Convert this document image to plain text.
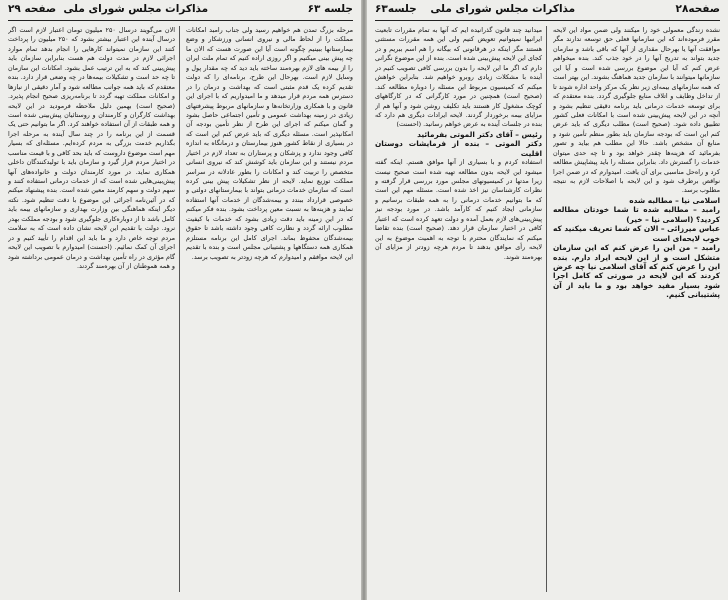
جلسه ۶۳
مذاکرات مجلس شورای ملی
صفحه ۲۹

مرحله بزرگ تمدن هم خواهیم رسید ولی جناب رامبد امکانات مملکت را از لحاظ مالی و نیروی انسانی ورزشکار و وضع بیمارستانها ببینیم چگونه است آیا این صورت هست که الان ما چه پیش بینی میکنیم و اگر روزی اراده کنیم که تمام ملت ایران را از بیمه های لازم بهره‌مند ساخته باید دید که چه مقدار پول و وسایل لازم است. بهرحال این طرح، برنامه‌ای را که دولت تقدیم کرده یک قدم مثبتی است که بهداشت و درمان را در دسترس همه مردم قرار میدهد و ما امیدواریم که با اجرای این قانون و با همکاری وزارتخانه‌ها و سازمانهای مربوط پیشرفتهای زیادی در زمینه بهداشت عمومی و تأمین اجتماعی حاصل بشود و گمان میکنم که اجرای این طرح از نظر تأمین بودجه آن امکانپذیر است. مسئله دیگری که باید عرض کنم این است که در بسیاری از نقاط کشور هنوز بیمارستان و درمانگاه به اندازه کافی وجود ندارد و پزشکان و پرستاران به تعداد لازم در اختیار مردم نیستند و این سازمان باید کوشش کند که نیروی انسانی متخصص را تربیت کند و امکانات را بطور عادلانه در سراسر مملکت توزیع نماید. لایحه از نظر تشکیلات پیش بینی کرده است که سازمان خدمات درمانی بتواند با بیمارستانهای دولتی و خصوصی قرارداد ببندد و بیمه‌شدگان از خدمات آنها استفاده نمایند و هزینه‌ها به نسبت معین پرداخت بشود. بنده فکر میکنم که در این زمینه باید دقت زیادی بشود که خدمات با کیفیت مطلوب ارائه گردد و نظارت کافی وجود داشته باشد تا حقوق بیمه‌شدگان محفوظ بماند. اجرای کامل این برنامه مستلزم همکاری همه دستگاهها و پشتیبانی مجلس است و بنده با تقدیم این لایحه موافقم و امیدوارم که هرچه زودتر به تصویب برسد.

الان می‌گویند درسال ۲۵۰ میلیون تومان اعتبار لازم است اگر درسال آینده این اعتبار بیشتر بشود که ۲۵۰ میلیون را پرداخت کنند این سازمان نمیتواند کارهایی را انجام بدهد تمام موارد اجرائی لازم در مدت دولت هم هست بنابراین سازمان باید پیش‌بینی کند که به این ترتیب عمل بشود. امکانات این سازمان تا چه حد است و تشکیلات بیمه‌ها در چه وضعی قرار دارد. بنده معتقدم که باید همه جوانب مطالعه شود و آمار دقیقی از نیازها و امکانات مملکت تهیه گردد تا برنامه‌ریزی صحیح انجام پذیرد. (صحیح است) بهمین دلیل ملاحظه فرمودید در این لایحه بهداشت کارگران و کارمندان و روستائیان پیش‌بینی شده است و همه طبقات از آن استفاده خواهند کرد. اگر ما بتوانیم حتی یک قسمت از این برنامه را در چند سال آینده به مرحله اجرا بگذاریم خدمت بزرگی به مردم کرده‌ایم. مسئله‌ای که بسیار مهم است موضوع داروست که باید بحد کافی و با قیمت مناسب در اختیار مردم قرار گیرد و سازمان باید با تولیدکنندگان داخلی همکاری نماید. در مورد کارمندان دولت و خانواده‌های آنها پیش‌بینی‌هایی شده است که از خدمات درمانی استفاده کنند و سهم دولت و سهم کارمند معین شده است. بنده پیشنهاد میکنم که در آئین‌نامه اجرائی این موضوع با دقت تنظیم شود. نکته دیگر اینکه هماهنگی بین وزارت بهداری و سازمانهای بیمه باید کامل باشد تا از دوباره‌کاری جلوگیری شود و بودجه مملکت بهدر نرود. دولت با تقدیم این لایحه نشان داده است که به سلامت مردم توجه خاص دارد و ما باید این اقدام را تأیید کنیم و در اجرای آن کمک نمائیم. (احسنت) امیدوارم با تصویب این لایحه گام مؤثری در راه تأمین بهداشت و درمان عمومی برداشته شود و همه هموطنان از آن بهره‌مند گردند.

صفحه۲۸
مذاکرات مجلس شورای ملی
جلسه۶۳

نشده زندگی معمولی خود را میکنند ولی ضمن مواد این لایحه مقرر فرموده‌اند که این سازمانها فعلی حق توسعه ندارند مگر موافقت آنها یا بهرحال مقداری از آنها که باقی باشد و سازمان جدید بتواند به تدریج آنها را در خود جذب کند. بنده میخواهم عرض کنم که آیا این موضوع بررسی شده است و آیا این سازمانها میتوانند با سازمان جدید هماهنگ بشوند. این بهتر است که همه سازمانهای بیمه‌ای زیر نظر یک مرکز واحد اداره شوند تا از تداخل وظایف و اتلاف منابع جلوگیری گردد. بنده معتقدم که برای توسعه خدمات درمانی باید برنامه دقیقی تنظیم بشود و آنچه در این لایحه پیش‌بینی شده است با امکانات فعلی کشور تطبیق داده شود. (صحیح است) مطلب دیگری که باید عرض کنم این است که بودجه سازمان باید بطور منظم تأمین شود و منابع آن مشخص باشد. حالا این مطلب هم بیاید و تصور بفرمائید که هزینه‌ها چقدر خواهد بود و تا چه حدی میتوان خدمات را گسترش داد. بنابراین مسئله را باید پیشاپیش مطالعه کرد و راه‌حل مناسبی برای آن یافت. امیدوارم که در ضمن اجرا نواقص برطرف شود و این لایحه با اصلاحات لازم به نتیجه مطلوب برسد.
اسلامی نیا – مطالبه شده
رامبد – مطالبه شده تا شما خودتان مطالعه کردید؟ (اسلامی نیا – خیر)
عباس میرزائی – الان که شما تعریف میکنید که خوب لایحه‌ای است
رامبد – من این را عرض کنم که این سازمان متشکل است و از این لایحه ایراد دارم. بنده این را عرض کنم که آقای اسلامی نیا چه عرض کردند که این لایحه در صورتی که کامل اجرا شود بسیار مفید خواهد بود و ما باید از آن پشتیبانی کنیم.

میدانید چند قانون گذرانیده ایم که آنها به تمام مقررات تابعیت ایرانیها نمیتوانیم تعویض کنیم ولی این همه مقررات مستثنی هستند مگر اینکه در هرقانونی که بیگانه را هم اسم ببریم و در کجای این لایحه پیش‌بینی شده است. بنده از این موضوع نگرانی دارم که اگر ما این لایحه را بدون بررسی کافی تصویب کنیم در آینده با مشکلات زیادی روبرو خواهیم شد. بنابراین خواهش میکنم که کمیسیون مربوط این مسئله را دوباره مطالعه کند. (صحیح است) همچنین در مورد کارگرانی که در کارگاههای کوچک مشغول کار هستند باید تکلیف روشن شود و آنها هم از مزایای بیمه برخوردار گردند. لایحه ایرادات دیگری هم دارد که بنده در جلسات آینده به عرض خواهم رسانید. (احسنت)
رئیس – آقای دکتر الموتی بفرمائید
دکتر الموتی – بنده از فرمایشات دوستان اقلیت
استفاده کردم و با بسیاری از آنها موافق هستم. اینکه گفته میشود این لایحه بدون مطالعه تهیه شده است صحیح نیست زیرا مدتها در کمیسیونهای مجلس مورد بررسی قرار گرفته و نظرات کارشناسان نیز اخذ شده است. مسئله مهم این است که ما بتوانیم خدمات درمانی را به همه طبقات برسانیم و سازمانی ایجاد کنیم که کارآمد باشد. در مورد بودجه نیز پیش‌بینی‌های لازم بعمل آمده و دولت تعهد کرده است که اعتبار کافی در اختیار سازمان قرار دهد. (صحیح است) بنده تقاضا میکنم که نمایندگان محترم با توجه به اهمیت موضوع به این لایحه رأی موافق بدهند تا مردم هرچه زودتر از مزایای آن بهره‌مند شوند.
